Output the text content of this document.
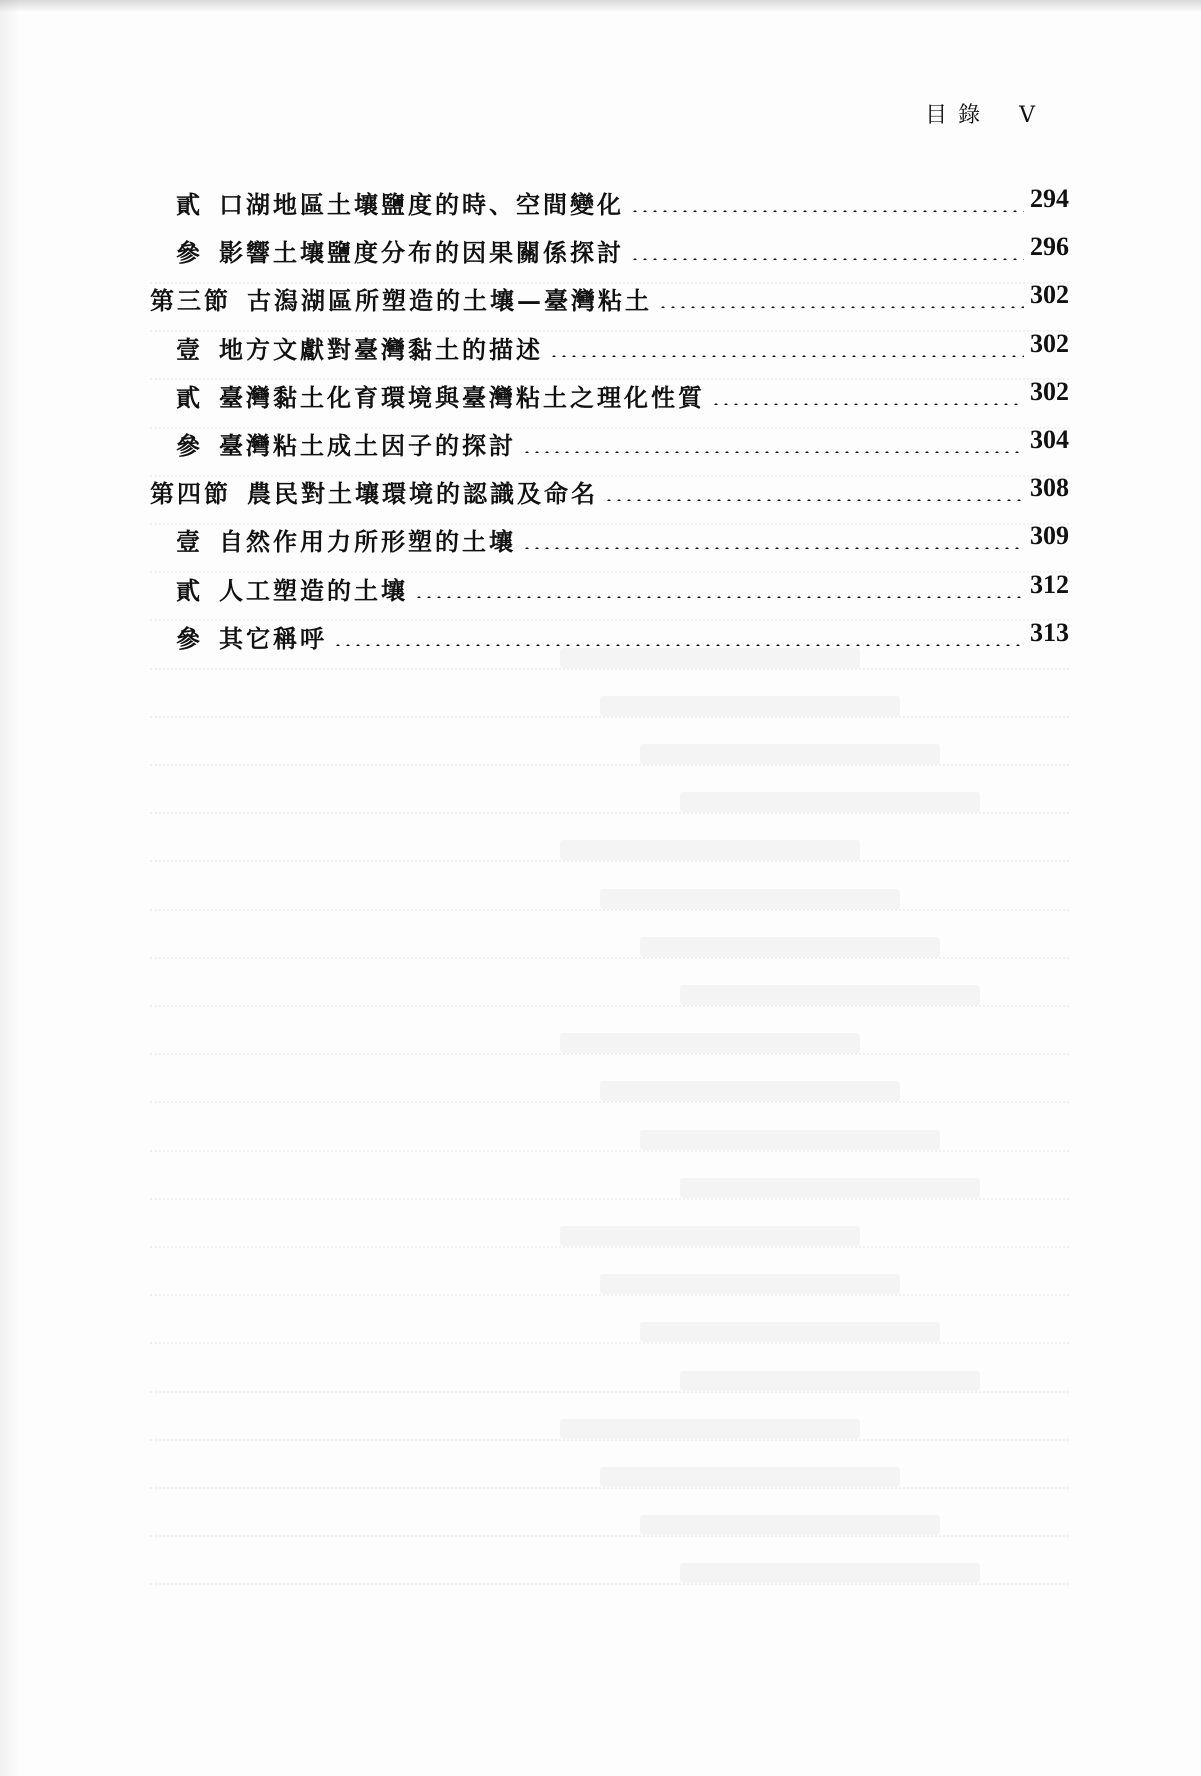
目 錄 V
貳 口湖地區土壤鹽度的時、空間變化	294
參 影響土壤鹽度分布的因果關係探討	296
第三節 古潟湖區所塑造的土壤—臺灣粘土	302
壹 地方文獻對臺灣黏土的描述	302
貳 臺灣黏土化育環境與臺灣粘土之理化性質	302
參 臺灣粘土成土因子的探討	304
第四節 農民對土壤環境的認識及命名	308
壹 自然作用力所形塑的土壤	309
貳 人工塑造的土壤	312
參 其它稱呼	313
